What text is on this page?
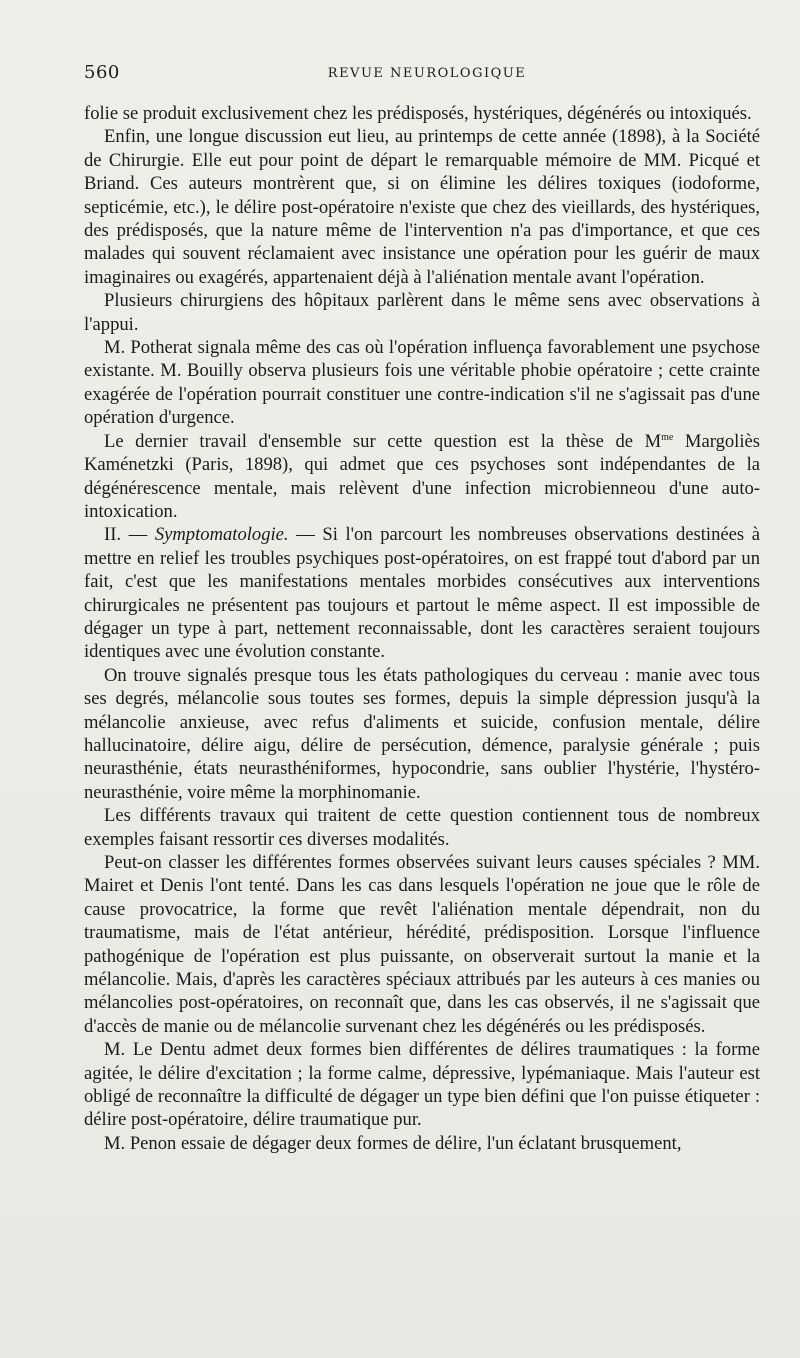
560	REVUE NEUROLOGIQUE

folie se produit exclusivement chez les prédisposés, hystériques, dégénérés ou intoxiqués.

Enfin, une longue discussion eut lieu, au printemps de cette année (1898), à la Société de Chirurgie. Elle eut pour point de départ le remarquable mémoire de MM. Picqué et Briand. Ces auteurs montrèrent que, si on élimine les délires toxiques (iodoforme, septicémie, etc.), le délire post-opératoire n'existe que chez des vieillards, des hystériques, des prédisposés, que la nature même de l'intervention n'a pas d'importance, et que ces malades qui souvent réclamaient avec insistance une opération pour les guérir de maux imaginaires ou exagérés, appartenaient déjà à l'aliénation mentale avant l'opération.

Plusieurs chirurgiens des hôpitaux parlèrent dans le même sens avec observations à l'appui.

M. Potherat signala même des cas où l'opération influença favorablement une psychose existante. M. Bouilly observa plusieurs fois une véritable phobie opératoire ; cette crainte exagérée de l'opération pourrait constituer une contre-indication s'il ne s'agissait pas d'une opération d'urgence.

Le dernier travail d'ensemble sur cette question est la thèse de $M^{me}$ Margoliès Kaménetzki (Paris, 1898), qui admet que ces psychoses sont indépendantes de la dégénérescence mentale, mais relèvent d'une infection microbienneou d'une auto-intoxication.

II. — Symptomatologie. — Si l'on parcourt les nombreuses observations destinées à mettre en relief les troubles psychiques post-opératoires, on est frappé tout d'abord par un fait, c'est que les manifestations mentales morbides consécutives aux interventions chirurgicales ne présentent pas toujours et partout le même aspect. Il est impossible de dégager un type à part, nettement reconnaissable, dont les caractères seraient toujours identiques avec une évolution constante.

On trouve signalés presque tous les états pathologiques du cerveau : manie avec tous ses degrés, mélancolie sous toutes ses formes, depuis la simple dépression jusqu'à la mélancolie anxieuse, avec refus d'aliments et suicide, confusion mentale, délire hallucinatoire, délire aigu, délire de persécution, démence, paralysie générale ; puis neurasthénie, états neurasthéniformes, hypocondrie, sans oublier l'hystérie, l'hystéro-neurasthénie, voire même la morphinomanie.

Les différents travaux qui traitent de cette question contiennent tous de nombreux exemples faisant ressortir ces diverses modalités.

Peut-on classer les différentes formes observées suivant leurs causes spéciales ? MM. Mairet et Denis l'ont tenté. Dans les cas dans lesquels l'opération ne joue que le rôle de cause provocatrice, la forme que revêt l'aliénation mentale dépendrait, non du traumatisme, mais de l'état antérieur, hérédité, prédisposition. Lorsque l'influence pathogénique de l'opération est plus puissante, on observerait surtout la manie et la mélancolie. Mais, d'après les caractères spéciaux attribués par les auteurs à ces manies ou mélancolies post-opératoires, on reconnaît que, dans les cas observés, il ne s'agissait que d'accès de manie ou de mélancolie survenant chez les dégénérés ou les prédisposés.

M. Le Dentu admet deux formes bien différentes de délires traumatiques : la forme agitée, le délire d'excitation ; la forme calme, dépressive, lypémaniaque. Mais l'auteur est obligé de reconnaître la difficulté de dégager un type bien défini que l'on puisse étiqueter : délire post-opératoire, délire traumatique pur.

M. Penon essaie de dégager deux formes de délire, l'un éclatant brusquement,
